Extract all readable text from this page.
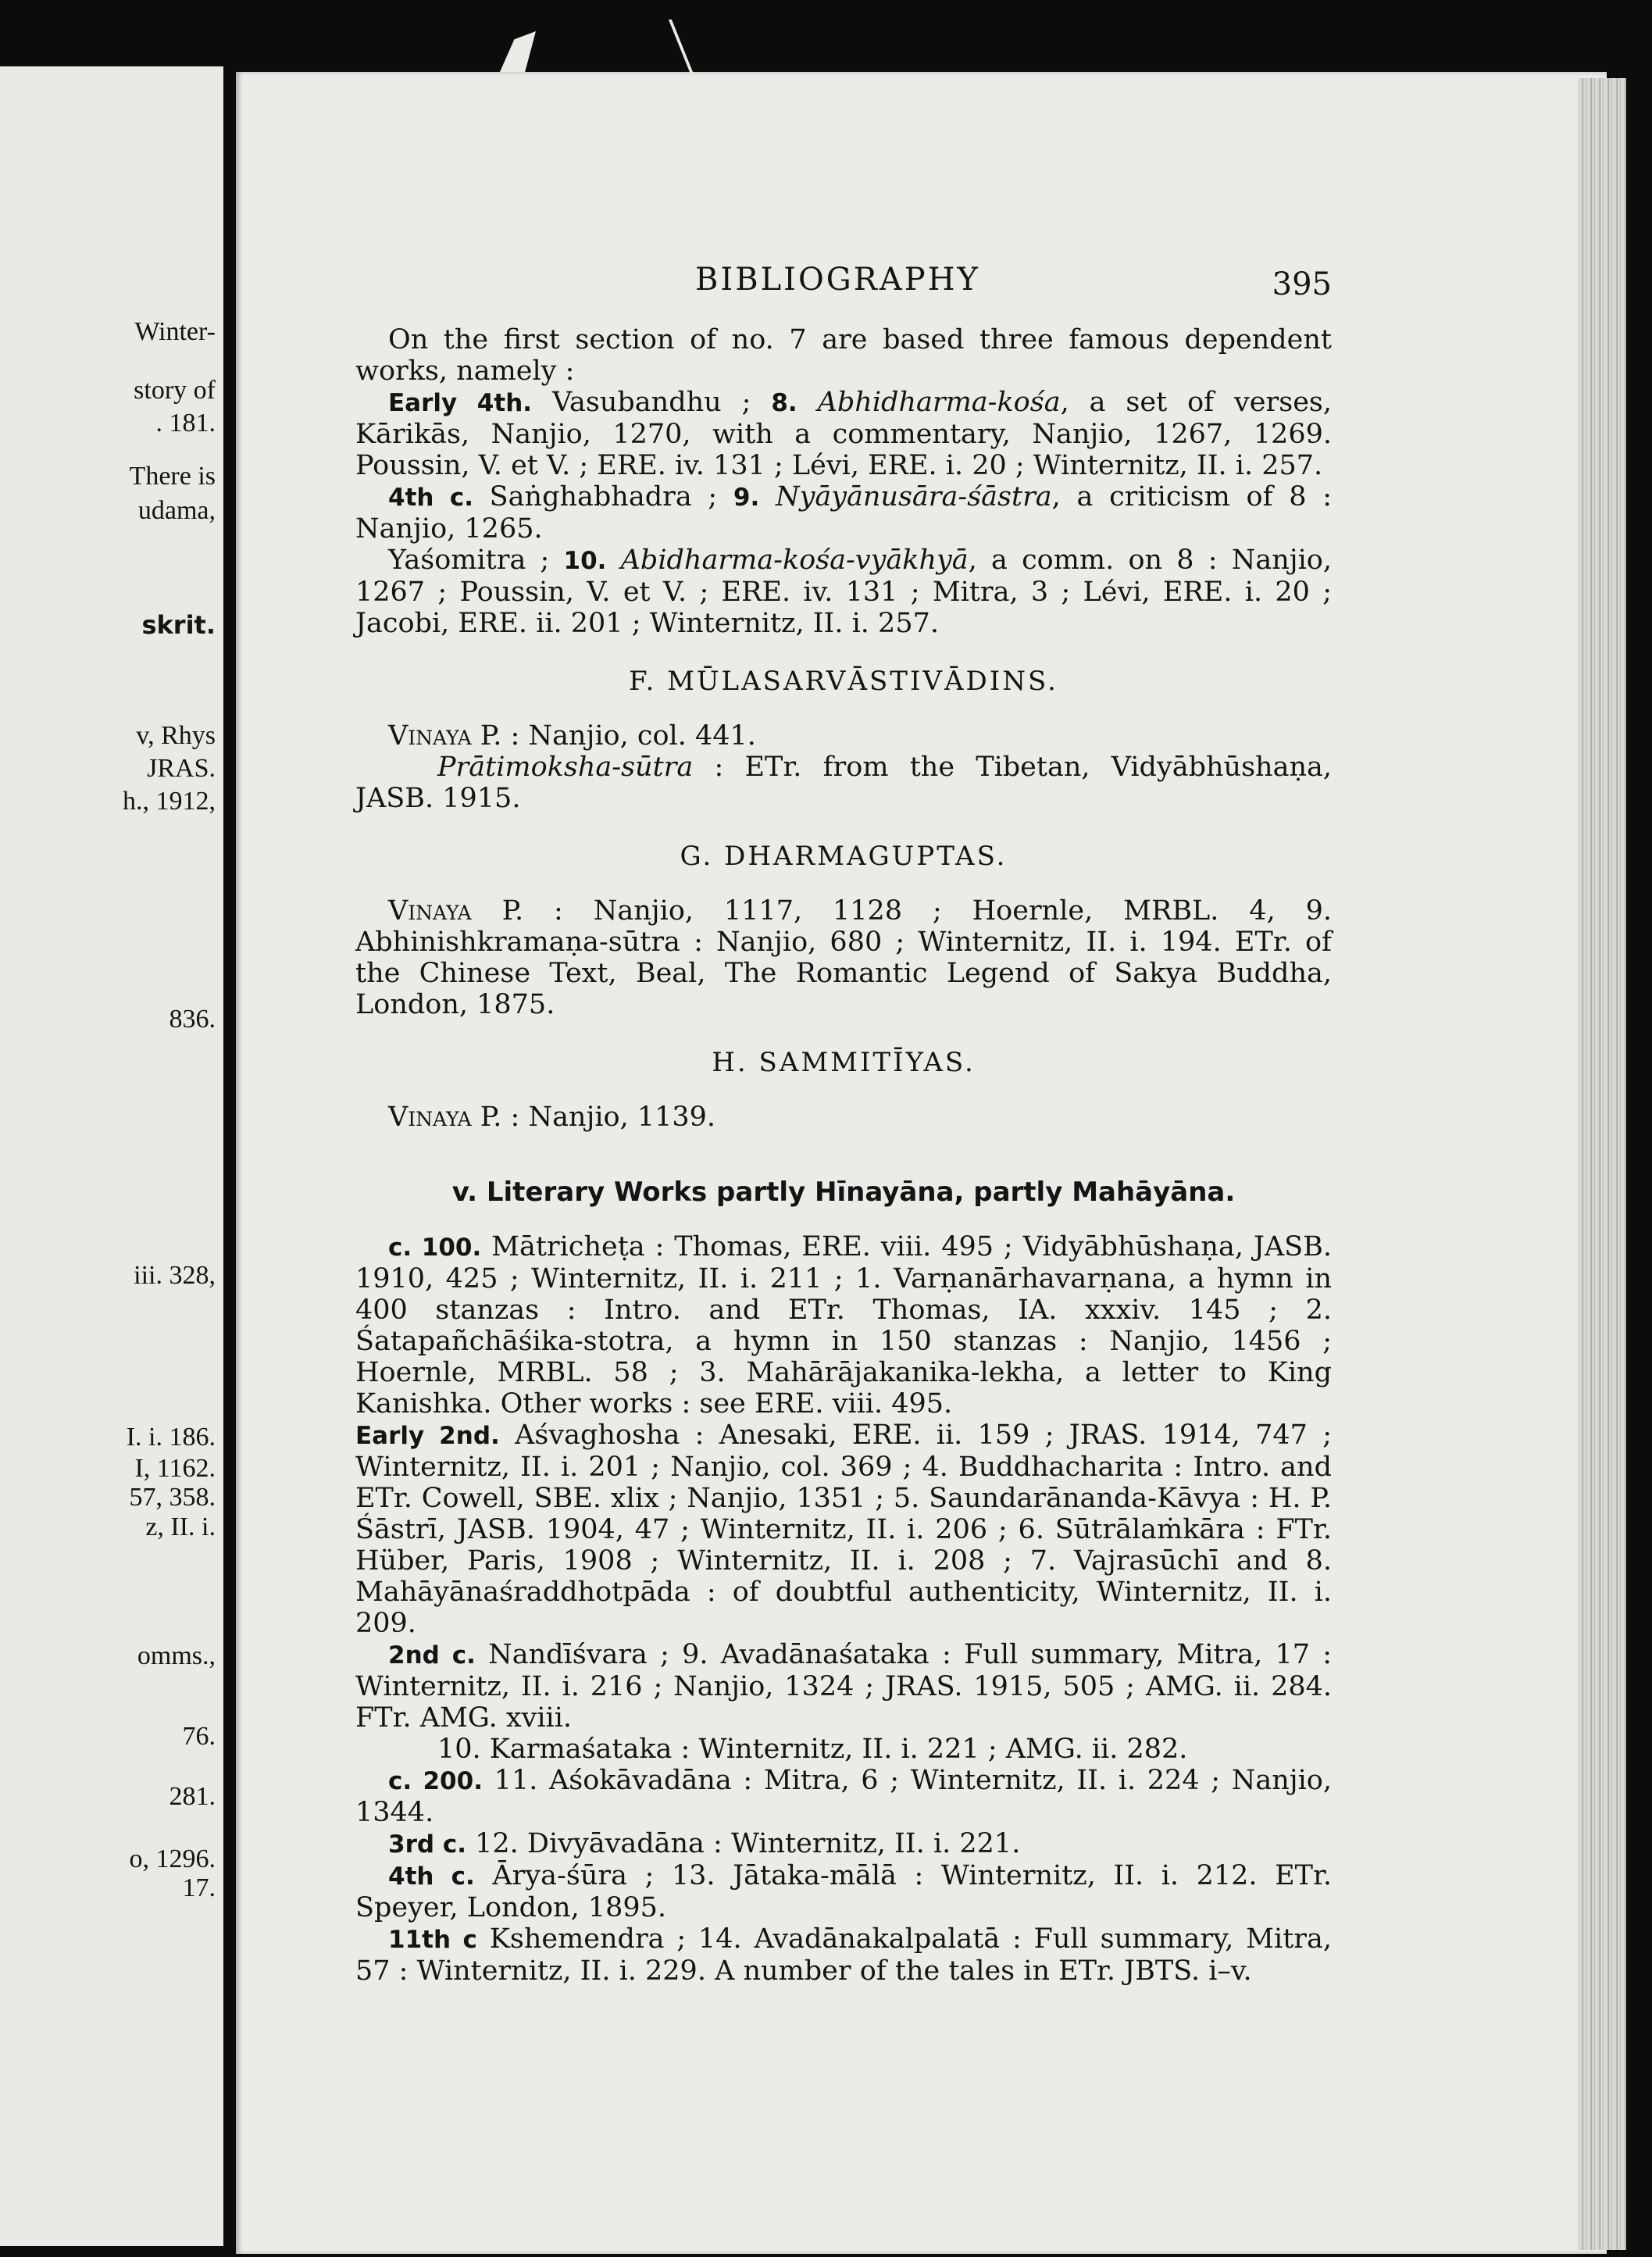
Winter-
story of
. 181.
There is
udama,
skrit.
v, Rhys
JRAS.
h., 1912,
836.
iii. 328,
I. i. 186.
I, 1162.
57, 358.
z, II. i.
omms.,
76.
281.
o, 1296.
17.
BIBLIOGRAPHY	395

On the first section of no. 7 are based three famous dependent works, namely :

Early 4th. Vasubandhu ; 8. Abhidharma-kośa, a set of verses, Kārikās, Nanjio, 1270, with a commentary, Nanjio, 1267, 1269. Poussin, V. et V. ; ERE. iv. 131 ; Lévi, ERE. i. 20 ; Winternitz, II. i. 257.

4th c. Saṅghabhadra ; 9. Nyāyānusāra-śāstra, a criticism of 8 : Nanjio, 1265.

Yaśomitra ; 10. Abidharma-kośa-vyākhyā, a comm. on 8 : Nanjio, 1267 ; Poussin, V. et V. ; ERE. iv. 131 ; Mitra, 3 ; Lévi, ERE. i. 20 ; Jacobi, ERE. ii. 201 ; Winternitz, II. i. 257.

F. MŪLASARVĀSTIVĀDINS.

Vinaya P. : Nanjio, col. 441.

Prātimoksha-sūtra : ETr. from the Tibetan, Vidyābhūshaṇa, JASB. 1915.

G. DHARMAGUPTAS.

Vinaya P. : Nanjio, 1117, 1128 ; Hoernle, MRBL. 4, 9. Abhinishkramaṇa-sūtra : Nanjio, 680 ; Winternitz, II. i. 194. ETr. of the Chinese Text, Beal, The Romantic Legend of Sakya Buddha, London, 1875.

H. SAMMITĪYAS.

Vinaya P. : Nanjio, 1139.

v. Literary Works partly Hīnayāna, partly Mahāyāna.

c. 100. Mātricheṭa : Thomas, ERE. viii. 495 ; Vidyābhūshaṇa, JASB. 1910, 425 ; Winternitz, II. i. 211 ; 1. Varṇanārhavarṇana, a hymn in 400 stanzas : Intro. and ETr. Thomas, IA. xxxiv. 145 ; 2. Śatapañchāśika-stotra, a hymn in 150 stanzas : Nanjio, 1456 ; Hoernle, MRBL. 58 ; 3. Mahārājakanika-lekha, a letter to King Kanishka. Other works : see ERE. viii. 495.

Early 2nd. Aśvaghosha : Anesaki, ERE. ii. 159 ; JRAS. 1914, 747 ; Winternitz, II. i. 201 ; Nanjio, col. 369 ; 4. Buddhacharita : Intro. and ETr. Cowell, SBE. xlix ; Nanjio, 1351 ; 5. Saundarānanda-Kāvya : H. P. Śāstrī, JASB. 1904, 47 ; Winternitz, II. i. 206 ; 6. Sūtrālaṁkāra : FTr. Hüber, Paris, 1908 ; Winternitz, II. i. 208 ; 7. Vajrasūchī and 8. Mahāyānaśraddhotpāda : of doubtful authenticity, Winternitz, II. i. 209.

2nd c. Nandīśvara ; 9. Avadānaśataka : Full summary, Mitra, 17 : Winternitz, II. i. 216 ; Nanjio, 1324 ; JRAS. 1915, 505 ; AMG. ii. 284. FTr. AMG. xviii.

10. Karmaśataka : Winternitz, II. i. 221 ; AMG. ii. 282.

c. 200. 11. Aśokāvadāna : Mitra, 6 ; Winternitz, II. i. 224 ; Nanjio, 1344.

3rd c. 12. Divyāvadāna : Winternitz, II. i. 221.

4th c. Ārya-śūra ; 13. Jātaka-mālā : Winternitz, II. i. 212. ETr. Speyer, London, 1895.

11th c Kshemendra ; 14. Avadānakalpalatā : Full summary, Mitra, 57 : Winternitz, II. i. 229. A number of the tales in ETr. JBTS. i–v.
